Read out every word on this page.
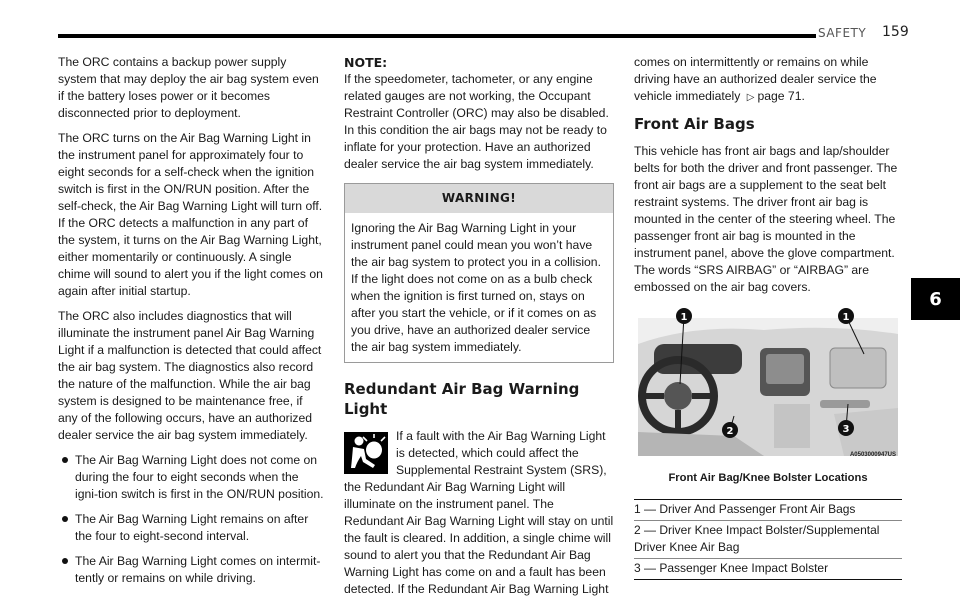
SAFETY 159
6

The ORC contains a backup power supply system that may deploy the air bag system even if the battery loses power or it becomes disconnected prior to deployment.

The ORC turns on the Air Bag Warning Light in the instrument panel for approximately four to eight seconds for a self-check when the ignition switch is first in the ON/RUN position. After the self-check, the Air Bag Warning Light will turn off. If the ORC detects a malfunction in any part of the system, it turns on the Air Bag Warning Light, either momentarily or continuously. A single chime will sound to alert you if the light comes on again after initial startup.

The ORC also includes diagnostics that will illuminate the instrument panel Air Bag Warning Light if a malfunction is detected that could affect the air bag system. The diagnostics also record the nature of the malfunction. While the air bag system is designed to be maintenance free, if any of the following occurs, have an authorized dealer service the air bag system immediately.

The Air Bag Warning Light does not come on during the four to eight seconds when the igni-tion switch is first in the ON/RUN position.
The Air Bag Warning Light remains on after the four to eight-second interval.
The Air Bag Warning Light comes on intermit-tently or remains on while driving.
NOTE:

If the speedometer, tachometer, or any engine related gauges are not working, the Occupant Restraint Controller (ORC) may also be disabled. In this condition the air bags may not be ready to inflate for your protection. Have an authorized dealer service the air bag system immediately.

WARNING!
Ignoring the Air Bag Warning Light in your instrument panel could mean you won’t have the air bag system to protect you in a collision. If the light does not come on as a bulb check when the ignition is first turned on, stays on after you start the vehicle, or if it comes on as you drive, have an authorized dealer service the air bag system immediately.
Redundant Air Bag Warning Light

If a fault with the Air Bag Warning Light is detected, which could affect the Supplemental Restraint System (SRS), the Redundant Air Bag Warning Light will illuminate on the instrument panel. The Redundant Air Bag Warning Light will stay on until the fault is cleared. In addition, a single chime will sound to alert you that the Redundant Air Bag Warning Light has come on and a fault has been detected. If the Redundant Air Bag Warning Light

comes on intermittently or remains on while driving have an authorized dealer service the vehicle immediately ▷ page 71.

Front Air Bags

This vehicle has front air bags and lap/shoulder belts for both the driver and front passenger. The front air bags are a supplement to the seat belt restraint systems. The driver front air bag is mounted in the center of the steering wheel. The passenger front air bag is mounted in the instrument panel, above the glove compartment. The words “SRS AIRBAG” or “AIRBAG” are embossed on the air bag covers.

1	1
2	3
A0503000947US
Front Air Bag/Knee Bolster Locations
1 — Driver And Passenger Front Air Bags
2 — Driver Knee Impact Bolster/Supplemental Driver Knee Air Bag
3 — Passenger Knee Impact Bolster
